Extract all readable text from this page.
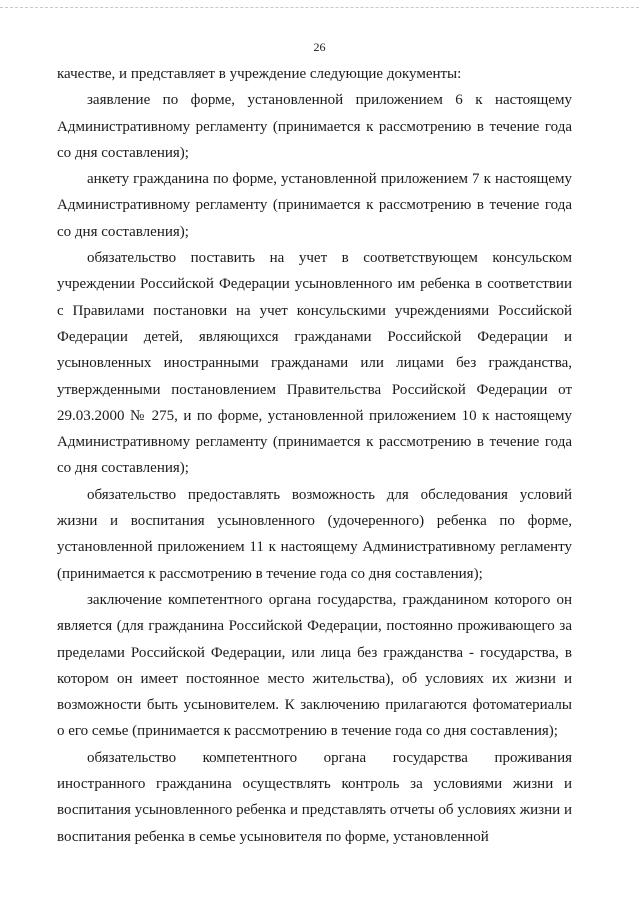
26

качестве, и представляет в учреждение следующие документы:

заявление по форме, установленной приложением 6 к настоящему Административному регламенту (принимается к рассмотрению в течение года со дня составления);

анкету гражданина по форме, установленной приложением 7 к настоящему Административному регламенту (принимается к рассмотрению в течение года со дня составления);

обязательство поставить на учет в соответствующем консульском учреждении Российской Федерации усыновленного им ребенка в соответствии с Правилами постановки на учет консульскими учреждениями Российской Федерации детей, являющихся гражданами Российской Федерации и усыновленных иностранными гражданами или лицами без гражданства, утвержденными постановлением Правительства Российской Федерации от 29.03.2000 № 275, и по форме, установленной приложением 10 к настоящему Административному регламенту (принимается к рассмотрению в течение года со дня составления);

обязательство предоставлять возможность для обследования условий жизни и воспитания усыновленного (удочеренного) ребенка по форме, установленной приложением 11 к настоящему Административному регламенту (принимается к рассмотрению в течение года со дня составления);

заключение компетентного органа государства, гражданином которого он является (для гражданина Российской Федерации, постоянно проживающего за пределами Российской Федерации, или лица без гражданства - государства, в котором он имеет постоянное место жительства), об условиях их жизни и возможности быть усыновителем. К заключению прилагаются фотоматериалы о его семье (принимается к рассмотрению в течение года со дня составления);

обязательство компетентного органа государства проживания иностранного гражданина осуществлять контроль за условиями жизни и воспитания усыновленного ребенка и представлять отчеты об условиях жизни и воспитания ребенка в семье усыновителя по форме, установленной
